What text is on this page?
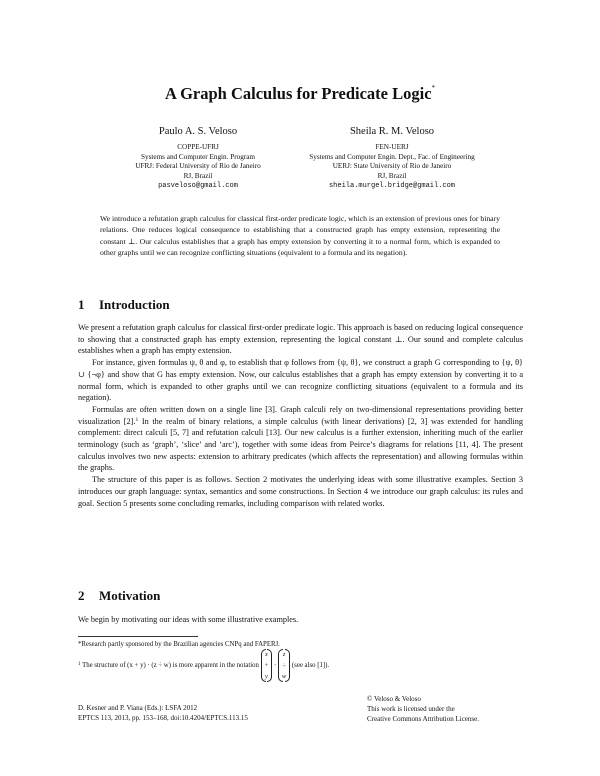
A Graph Calculus for Predicate Logic*
Paulo A. S. Veloso
COPPE-UFRJ
Systems and Computer Engin. Program
UFRJ: Federal University of Rio de Janeiro
RJ, Brazil
pasveloso@gmail.com
Sheila R. M. Veloso
FEN-UERJ
Systems and Computer Engin. Dept., Fac. of Engineering
UERJ: State University of Rio de Janeiro
RJ, Brazil
sheila.murgel.bridge@gmail.com

We introduce a refutation graph calculus for classical first-order predicate logic, which is an extension of previous ones for binary relations. One reduces logical consequence to establishing that a constructed graph has empty extension, representing the constant ⊥. Our calculus establishes that a graph has empty extension by converting it to a normal form, which is expanded to other graphs until we can recognize conflicting situations (equivalent to a formula and its negation).

1 Introduction

We present a refutation graph calculus for classical first-order predicate logic. This approach is based on reducing logical consequence to showing that a constructed graph has empty extension, representing the logical constant ⊥. Our sound and complete calculus establishes when a graph has empty extension.

For instance, given formulas ψ, θ and φ, to establish that φ follows from {ψ, θ}, we construct a graph G corresponding to {ψ, θ} ∪ {¬φ} and show that G has empty extension. Now, our calculus establishes that a graph has empty extension by converting it to a normal form, which is expanded to other graphs until we can recognize conflicting situations (equivalent to a formula and its negation).

Formulas are often written down on a single line [3]. Graph calculi rely on two-dimensional representations providing better visualization [2].$^1$ In the realm of binary relations, a simple calculus (with linear derivations) [2, 3] was extended for handling complement: direct calculi [5, 7] and refutation calculi [13]. Our new calculus is a further extension, inheriting much of the earlier terminology (such as ‘graph’, ‘slice’ and ‘arc’), together with some ideas from Peirce’s diagrams for relations [11, 4]. The present calculus involves two new aspects: extension to arbitrary predicates (which affects the representation) and allowing formulas within the graphs.

The structure of this paper is as follows. Section 2 motivates the underlying ideas with some illustrative examples. Section 3 introduces our graph language: syntax, semantics and some constructions. In Section 4 we introduce our graph calculus: its rules and goal. Section 5 presents some concluding remarks, including comparison with related works.

2 Motivation

We begin by motivating our ideas with some illustrative examples.

*Research partly sponsored by the Brazilian agencies CNPq and FAPERJ.
$^1$ The structure of (x + y) · (z ÷ w) is more apparent in the notation
x
+
y
·
z
÷
w
(see also [1]).
D. Kesner and P. Viana (Eds.): LSFA 2012
EPTCS 113, 2013, pp. 153–168, doi:10.4204/EPTCS.113.15
© Veloso & Veloso
This work is licensed under the
Creative Commons Attribution License.
